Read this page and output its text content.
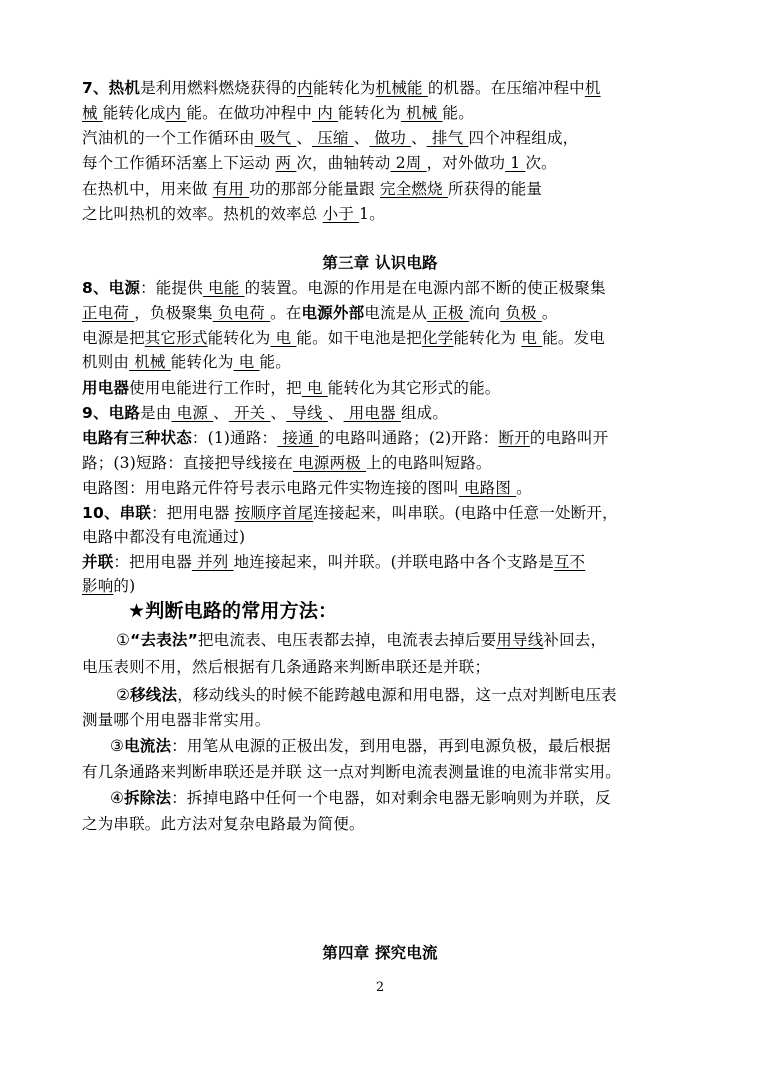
7、热机是利用燃料燃烧获得的内能转化为机械能 的机器。在压缩冲程中机
械 能转化成内 能。在做功冲程中 内 能转化为 机械 能。
汽油机的一个工作循环由 吸气 、 压缩 、 做功 、 排气 四个冲程组成，
每个工作循环活塞上下运动 两 次，曲轴转动 2周 ，对外做功 1 次。
在热机中，用来做 有用 功的那部分能量跟 完全燃烧 所获得的能量
之比叫热机的效率。热机的效率总 小于 1。
第三章 认识电路
8、电源：能提供 电能 的装置。电源的作用是在电源内部不断的使正极聚集
正电荷 ，负极聚集 负电荷 。在电源外部电流是从 正极 流向 负极 。
电源是把其它形式能转化为 电 能。如干电池是把化学能转化为 电 能。发电
机则由 机械 能转化为 电 能。
用电器使用电能进行工作时，把 电 能转化为其它形式的能。
9、电路是由 电源 、 开关 、 导线 、 用电器 组成。
电路有三种状态：(1)通路： 接通 的电路叫通路；(2)开路：断开的电路叫开
路；(3)短路：直接把导线接在 电源两极 上的电路叫短路。
电路图：用电路元件符号表示电路元件实物连接的图叫 电路图 。
10、串联：把用电器 按顺序首尾连接起来，叫串联。(电路中任意一处断开，
电路中都没有电流通过)
并联：把用电器 并列 地连接起来，叫并联。(并联电路中各个支路是互不
影响的)
★判断电路的常用方法：
①“去表法”把电流表、电压表都去掉，电流表去掉后要用导线补回去，
电压表则不用，然后根据有几条通路来判断串联还是并联；
②移线法，移动线头的时候不能跨越电源和用电器，这一点对判断电压表
测量哪个用电器非常实用。
③电流法：用笔从电源的正极出发，到用电器，再到电源负极，最后根据
有几条通路来判断串联还是并联 这一点对判断电流表测量谁的电流非常实用。
④拆除法：拆掉电路中任何一个电器，如对剩余电器无影响则为并联，反
之为串联。此方法对复杂电路最为简便。
第四章 探究电流
2
